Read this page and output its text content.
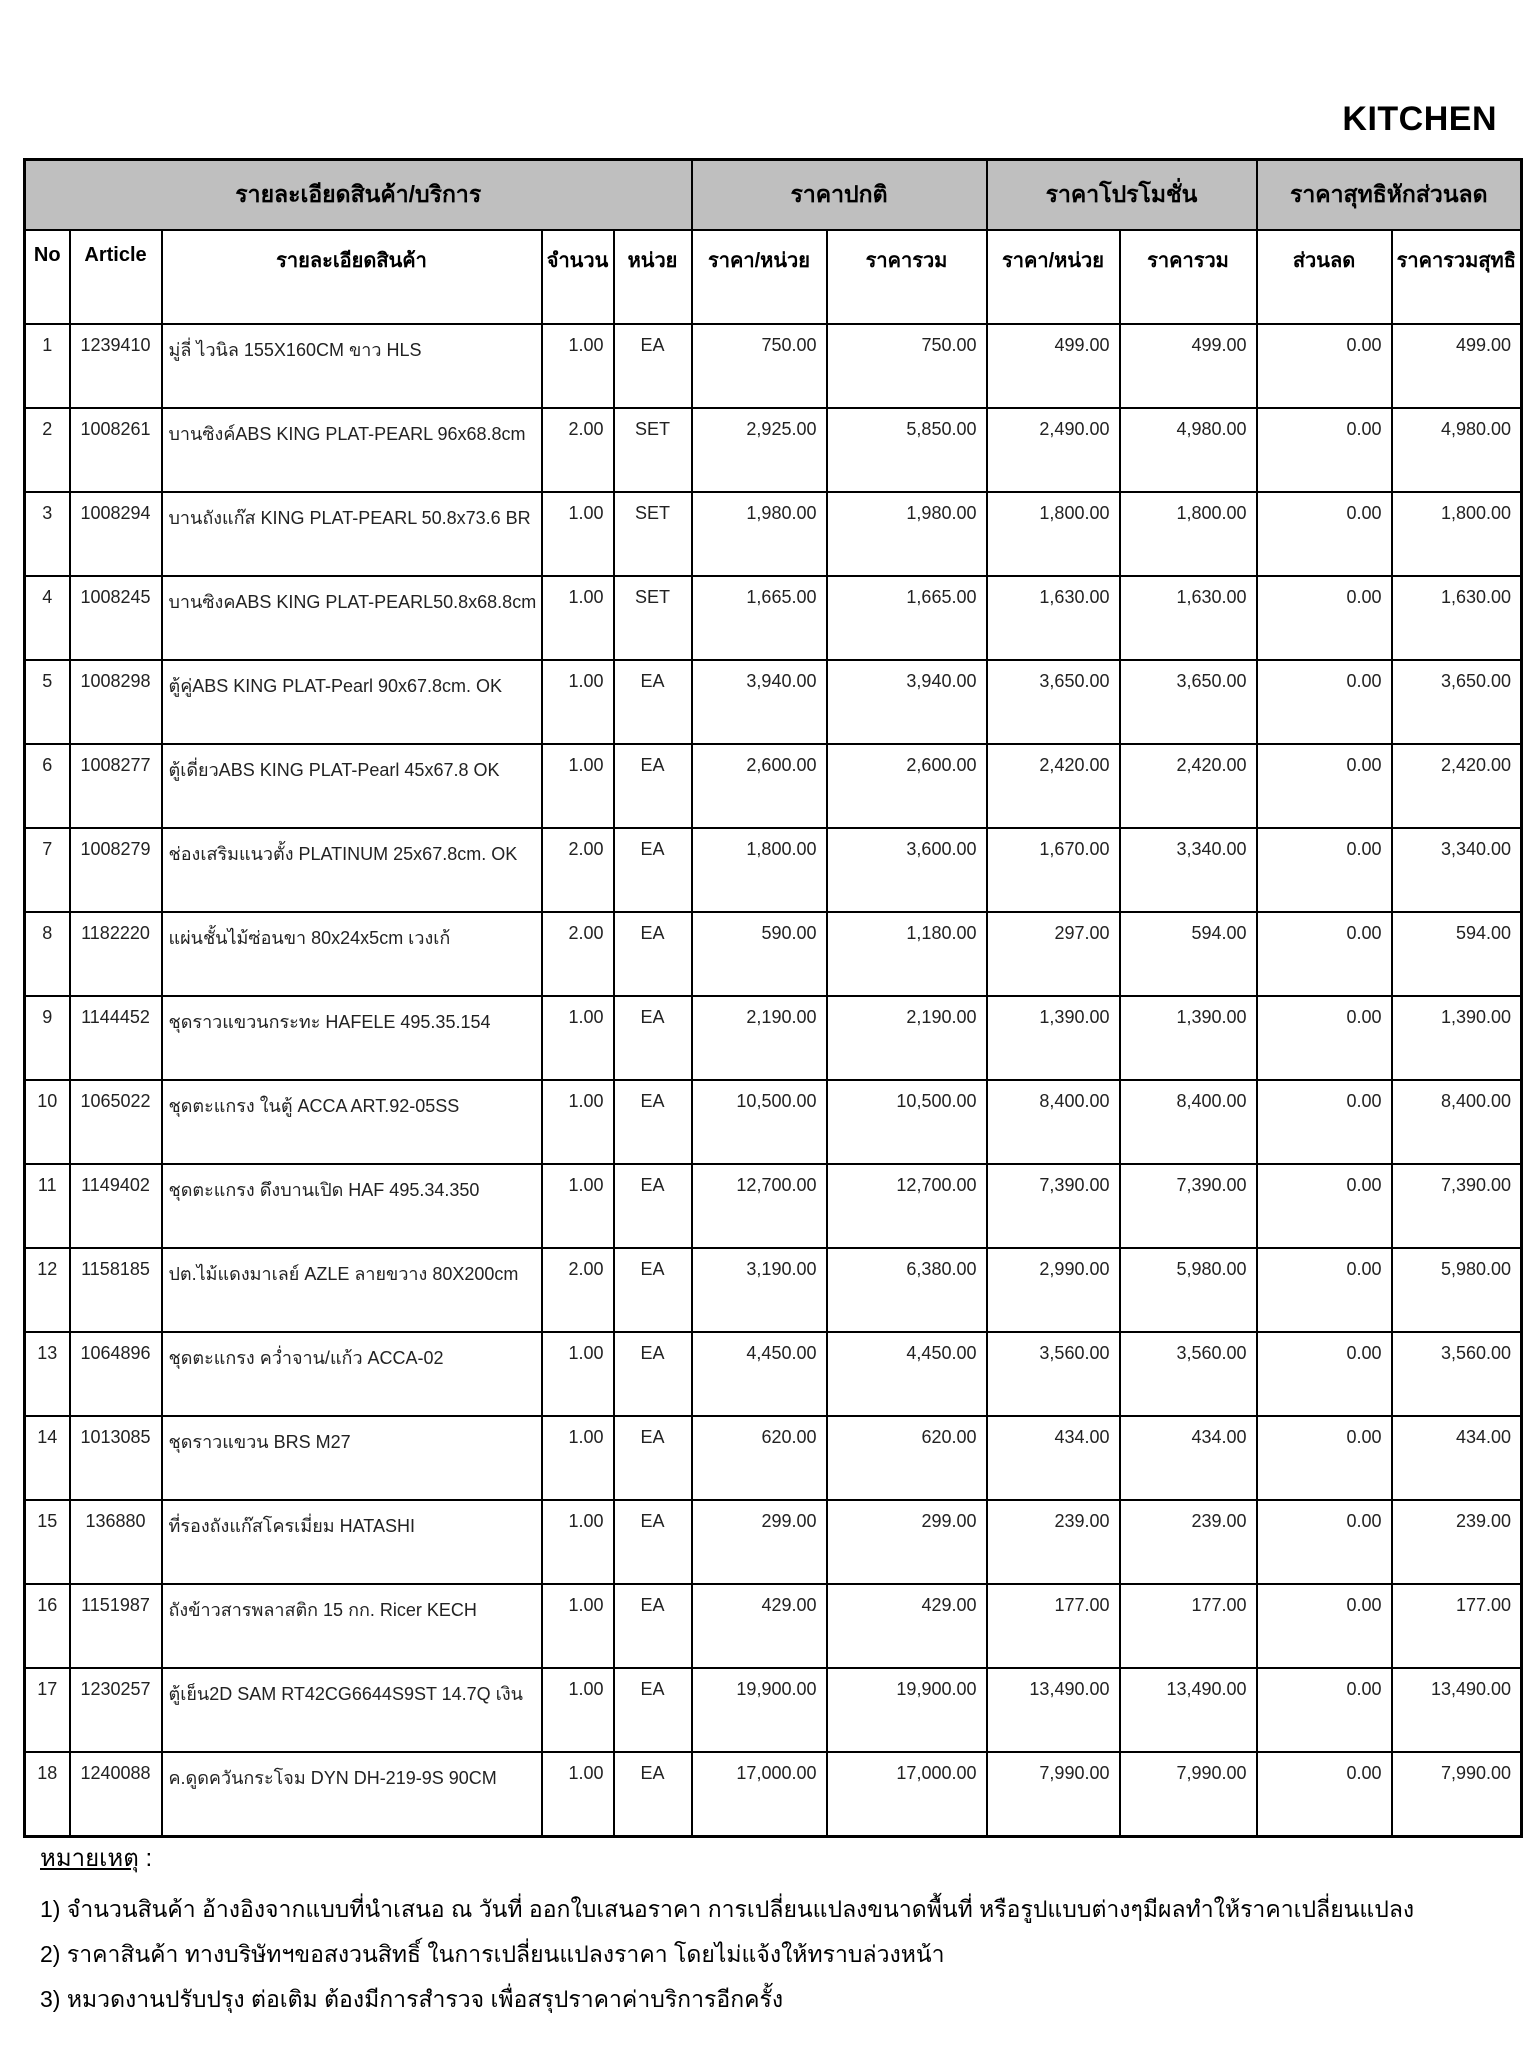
KITCHEN
รายละเอียดสินค้า/บริการ					ราคาปกติ		ราคาโปรโมชั่น		ราคาสุทธิหักส่วนลด	
No	Article	รายละเอียดสินค้า	จำนวน	หน่วย	ราคา/หน่วย	ราคารวม	ราคา/หน่วย	ราคารวม	ส่วนลด	ราคารวมสุทธิ
1	1239410	มู่ลี่ ไวนิล 155X160CM ขาว HLS	1.00	EA	750.00	750.00	499.00	499.00	0.00	499.00
2	1008261	บานซิงค์ABS KING PLAT-PEARL 96x68.8cm	2.00	SET	2,925.00	5,850.00	2,490.00	4,980.00	0.00	4,980.00
3	1008294	บานถังแก๊ส KING PLAT-PEARL 50.8x73.6 BR	1.00	SET	1,980.00	1,980.00	1,800.00	1,800.00	0.00	1,800.00
4	1008245	บานซิงคABS KING PLAT-PEARL50.8x68.8cm	1.00	SET	1,665.00	1,665.00	1,630.00	1,630.00	0.00	1,630.00
5	1008298	ตู้คู่ABS KING PLAT-Pearl 90x67.8cm. OK	1.00	EA	3,940.00	3,940.00	3,650.00	3,650.00	0.00	3,650.00
6	1008277	ตู้เดี่ยวABS KING PLAT-Pearl 45x67.8 OK	1.00	EA	2,600.00	2,600.00	2,420.00	2,420.00	0.00	2,420.00
7	1008279	ช่องเสริมแนวตั้ง PLATINUM 25x67.8cm. OK	2.00	EA	1,800.00	3,600.00	1,670.00	3,340.00	0.00	3,340.00
8	1182220	แผ่นชั้นไม้ซ่อนขา 80x24x5cm เวงเก้	2.00	EA	590.00	1,180.00	297.00	594.00	0.00	594.00
9	1144452	ชุดราวแขวนกระทะ HAFELE 495.35.154	1.00	EA	2,190.00	2,190.00	1,390.00	1,390.00	0.00	1,390.00
10	1065022	ชุดตะแกรง ในตู้ ACCA ART.92-05SS	1.00	EA	10,500.00	10,500.00	8,400.00	8,400.00	0.00	8,400.00
11	1149402	ชุดตะแกรง ดึงบานเปิด HAF 495.34.350	1.00	EA	12,700.00	12,700.00	7,390.00	7,390.00	0.00	7,390.00
12	1158185	ปต.ไม้แดงมาเลย์ AZLE ลายขวาง 80X200cm	2.00	EA	3,190.00	6,380.00	2,990.00	5,980.00	0.00	5,980.00
13	1064896	ชุดตะแกรง คว่ำจาน/แก้ว ACCA-02	1.00	EA	4,450.00	4,450.00	3,560.00	3,560.00	0.00	3,560.00
14	1013085	ชุดราวแขวน BRS M27	1.00	EA	620.00	620.00	434.00	434.00	0.00	434.00
15	136880	ที่รองถังแก๊สโครเมี่ยม HATASHI	1.00	EA	299.00	299.00	239.00	239.00	0.00	239.00
16	1151987	ถังข้าวสารพลาสติก 15 กก. Ricer KECH	1.00	EA	429.00	429.00	177.00	177.00	0.00	177.00
17	1230257	ตู้เย็น2D SAM RT42CG6644S9ST 14.7Q เงิน	1.00	EA	19,900.00	19,900.00	13,490.00	13,490.00	0.00	13,490.00
18	1240088	ค.ดูดควันกระโจม DYN DH-219-9S 90CM	1.00	EA	17,000.00	17,000.00	7,990.00	7,990.00	0.00	7,990.00
หมายเหตุ :
1) จำนวนสินค้า อ้างอิงจากแบบที่นำเสนอ ณ วันที่ ออกใบเสนอราคา การเปลี่ยนแปลงขนาดพื้นที่ หรือรูปแบบต่างๆมีผลทำให้ราคาเปลี่ยนแปลง
2) ราคาสินค้า ทางบริษัทฯขอสงวนสิทธิ์ ในการเปลี่ยนแปลงราคา โดยไม่แจ้งให้ทราบล่วงหน้า
3) หมวดงานปรับปรุง ต่อเติม ต้องมีการสำรวจ เพื่อสรุปราคาค่าบริการอีกครั้ง
